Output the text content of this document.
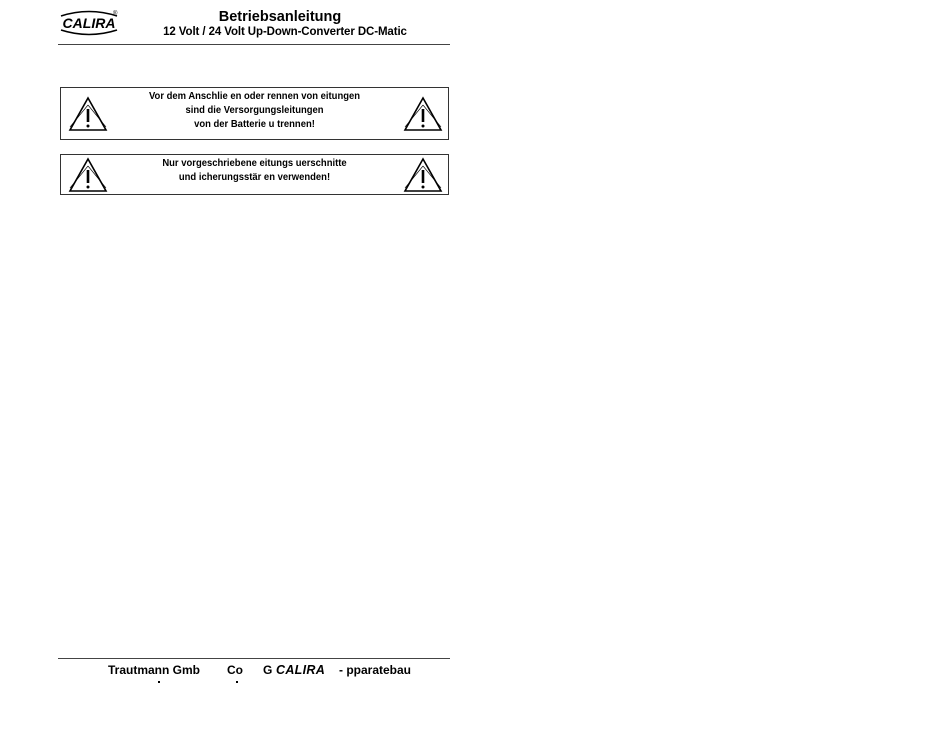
CALIRA
®	Betriebsanleitung
12 Volt / 24 Volt Up-Down-Converter DC-Matic
Vor dem Anschlie en oder rennen von eitungen
sind die Versorgungsleitungen
von der Batterie u trennen!
Nur vorgeschriebene eitungs uerschnitte
und icherungsstär en verwenden!
Trautmann Gmb Co G CALIRA - pparatebau
